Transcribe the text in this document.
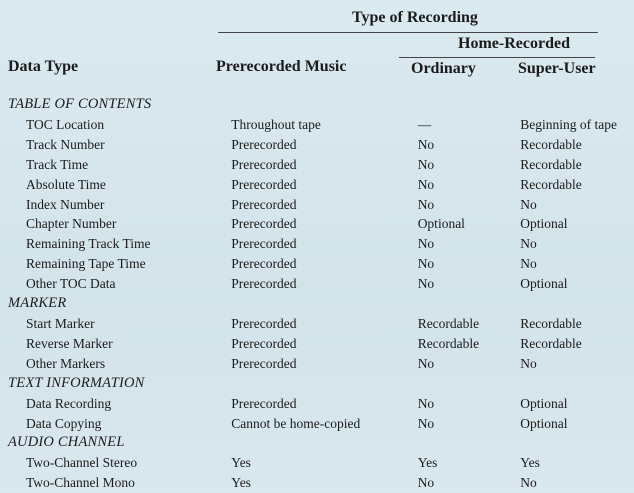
Type of Recording
Home-Recorded
Data Type	Prerecorded Music	Ordinary	Super-User
TABLE OF CONTENTS			
TOC Location	Throughout tape	—	Beginning of tape
Track Number	Prerecorded	No	Recordable
Track Time	Prerecorded	No	Recordable
Absolute Time	Prerecorded	No	Recordable
Index Number	Prerecorded	No	No
Chapter Number	Prerecorded	Optional	Optional
Remaining Track Time	Prerecorded	No	No
Remaining Tape Time	Prerecorded	No	No
Other TOC Data	Prerecorded	No	Optional
MARKER			
Start Marker	Prerecorded	Recordable	Recordable
Reverse Marker	Prerecorded	Recordable	Recordable
Other Markers	Prerecorded	No	No
TEXT INFORMATION			
Data Recording	Prerecorded	No	Optional
Data Copying	Cannot be home-copied	No	Optional
AUDIO CHANNEL			
Two-Channel Stereo	Yes	Yes	Yes
Two-Channel Mono	Yes	No	No
